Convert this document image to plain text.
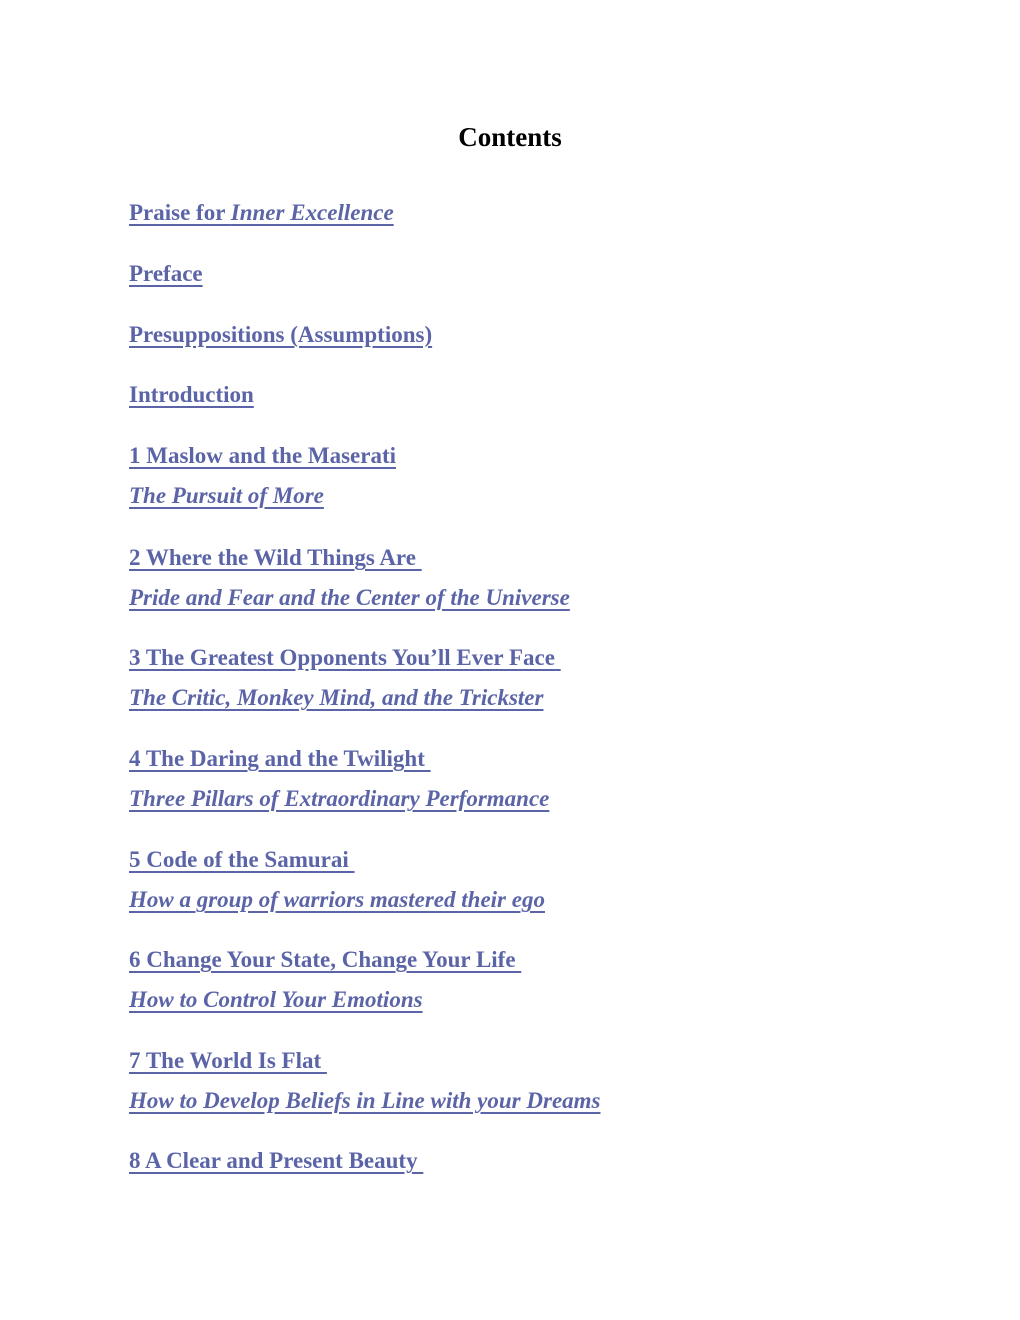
Contents
Praise for Inner Excellence
Preface
Presuppositions (Assumptions)
Introduction
1 Maslow and the Maserati
The Pursuit of More
2 Where the Wild Things Are
Pride and Fear and the Center of the Universe
3 The Greatest Opponents You’ll Ever Face
The Critic, Monkey Mind, and the Trickster
4 The Daring and the Twilight
Three Pillars of Extraordinary Performance
5 Code of the Samurai
How a group of warriors mastered their ego
6 Change Your State, Change Your Life
How to Control Your Emotions
7 The World Is Flat
How to Develop Beliefs in Line with your Dreams
8 A Clear and Present Beauty
